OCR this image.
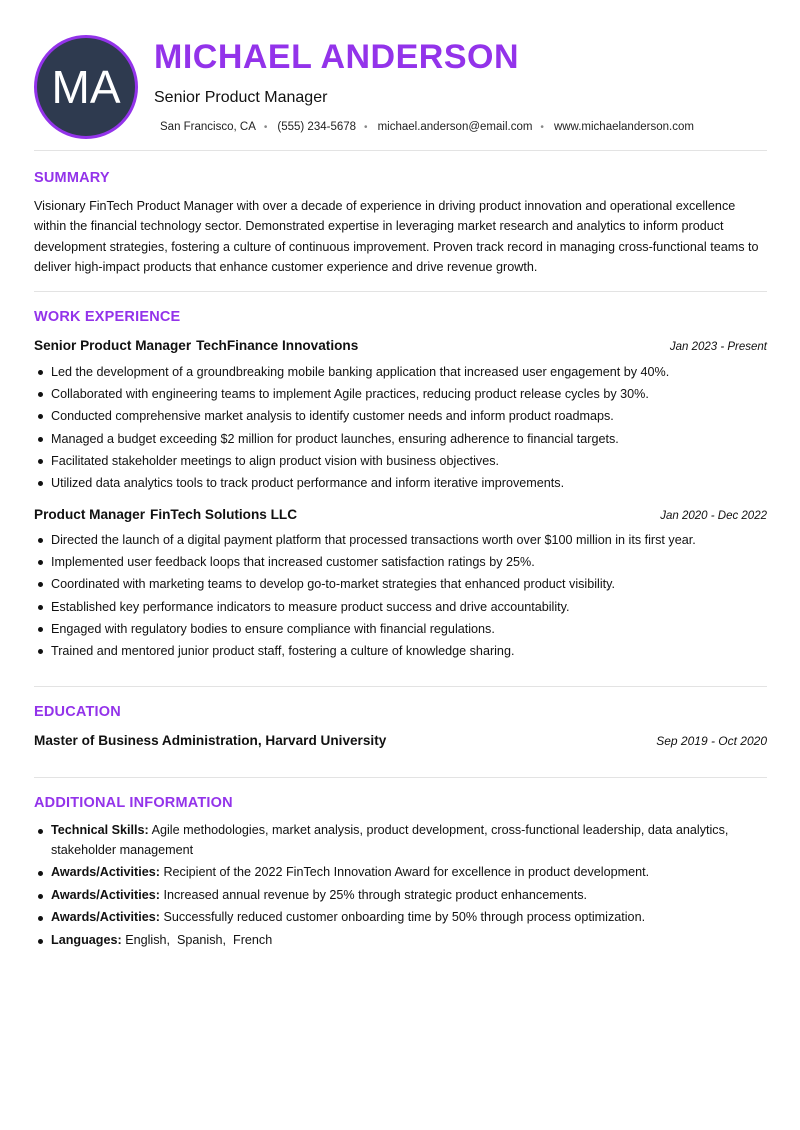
MA
MICHAEL ANDERSON
Senior Product Manager
San Francisco, CA • (555) 234-5678 • michael.anderson@email.com • www.michaelanderson.com
SUMMARY

Visionary FinTech Product Manager with over a decade of experience in driving product innovation and operational excellence within the financial technology sector. Demonstrated expertise in leveraging market research and analytics to inform product development strategies, fostering a culture of continuous improvement. Proven track record in managing cross-functional teams to deliver high-impact products that enhance customer experience and drive revenue growth.

WORK EXPERIENCE
Senior Product Manager TechFinance Innovations	Jan 2023 - Present
Led the development of a groundbreaking mobile banking application that increased user engagement by 40%.
Collaborated with engineering teams to implement Agile practices, reducing product release cycles by 30%.
Conducted comprehensive market analysis to identify customer needs and inform product roadmaps.
Managed a budget exceeding $2 million for product launches, ensuring adherence to financial targets.
Facilitated stakeholder meetings to align product vision with business objectives.
Utilized data analytics tools to track product performance and inform iterative improvements.
Product Manager FinTech Solutions LLC	Jan 2020 - Dec 2022
Directed the launch of a digital payment platform that processed transactions worth over $100 million in its first year.
Implemented user feedback loops that increased customer satisfaction ratings by 25%.
Coordinated with marketing teams to develop go-to-market strategies that enhanced product visibility.
Established key performance indicators to measure product success and drive accountability.
Engaged with regulatory bodies to ensure compliance with financial regulations.
Trained and mentored junior product staff, fostering a culture of knowledge sharing.
EDUCATION
Master of Business Administration, Harvard University	Sep 2019 - Oct 2020
ADDITIONAL INFORMATION
Technical Skills: Agile methodologies, market analysis, product development, cross-functional leadership, data analytics, stakeholder management
Awards/Activities: Recipient of the 2022 FinTech Innovation Award for excellence in product development.
Awards/Activities: Increased annual revenue by 25% through strategic product enhancements.
Awards/Activities: Successfully reduced customer onboarding time by 50% through process optimization.
Languages: English,  Spanish,  French
